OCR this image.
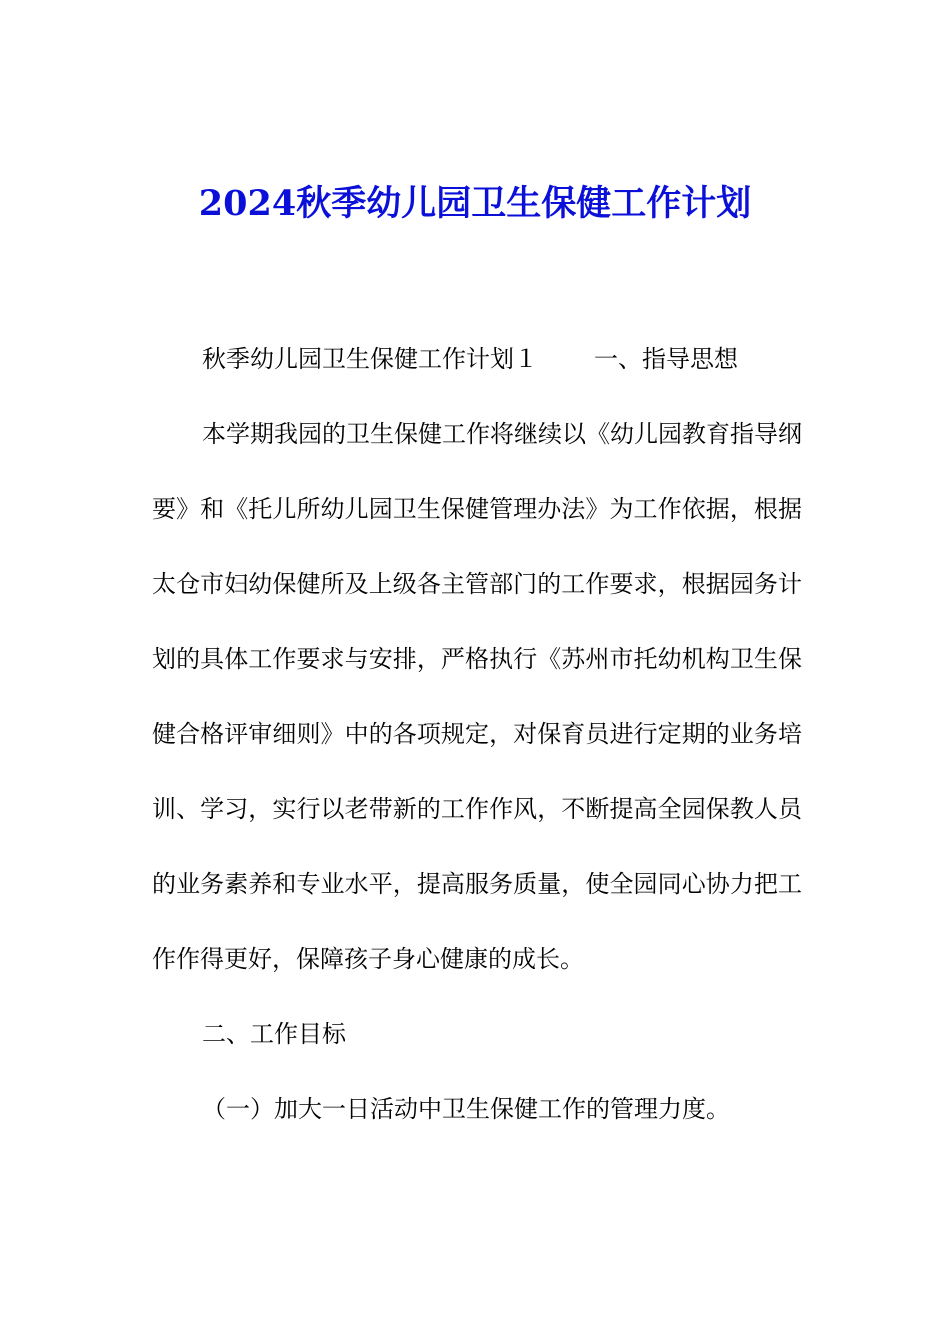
2024秋季幼儿园卫生保健工作计划

秋季幼儿园卫生保健工作计划１ 一、指导思想

本学期我园的卫生保健工作将继续以《幼儿园教育指导纲要》和《托儿所幼儿园卫生保健管理办法》为工作依据，根据太仓市妇幼保健所及上级各主管部门的工作要求，根据园务计划的具体工作要求与安排，严格执行《苏州市托幼机构卫生保健合格评审细则》中的各项规定，对保育员进行定期的业务培训、学习，实行以老带新的工作作风，不断提高全园保教人员的业务素养和专业水平，提高服务质量，使全园同心协力把工作作得更好，保障孩子身心健康的成长。

二、工作目标

（一）加大一日活动中卫生保健工作的管理力度。
